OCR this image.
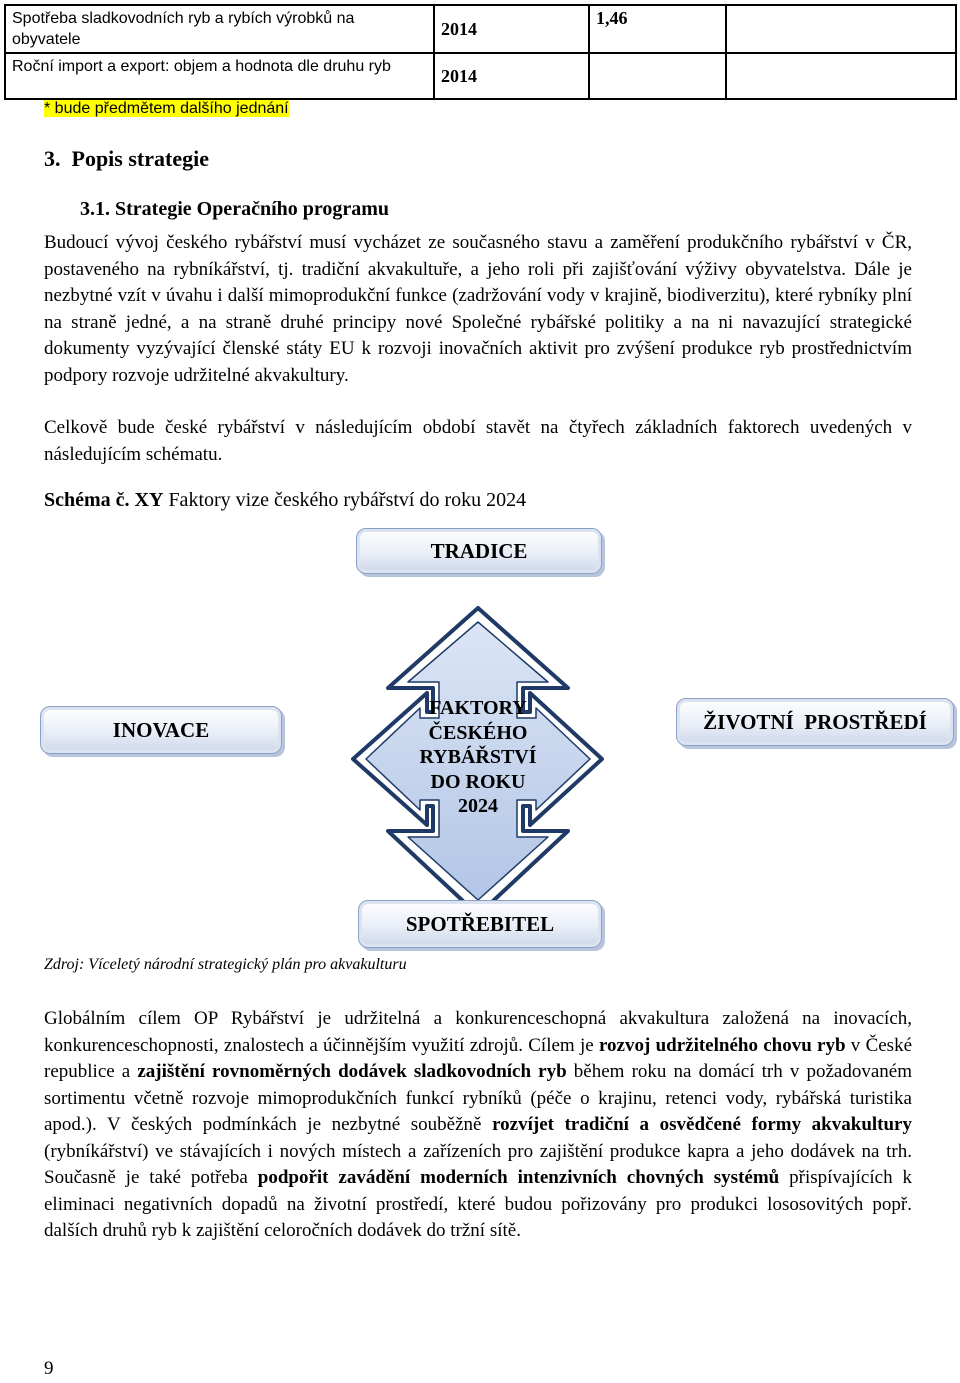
Spotřeba sladkovodních ryb a rybích výrobků na obyvatele	2014	1,46	
Roční import a export: objem a hodnota dle druhu ryb	2014		
* bude předmětem dalšího jednání
3.  Popis strategie
3.1. Strategie Operačního programu
Budoucí vývoj českého rybářství musí vycházet ze současného stavu a zaměření produkčního rybářství v ČR, postaveného na rybníkářství, tj. tradiční akvakultuře, a jeho roli při zajišťování výživy obyvatelstva. Dále je nezbytné vzít v úvahu i další mimoprodukční funkce (zadržování vody v krajině, biodiverzitu), které rybníky plní na straně jedné, a na straně druhé principy nové Společné rybářské politiky a na ni navazující strategické dokumenty vyzývající členské státy EU k rozvoji inovačních aktivit pro zvýšení produkce ryb prostřednictvím podpory rozvoje udržitelné akvakultury.
Celkově bude české rybářství v následujícím období stavět na čtyřech základních faktorech uvedených v následujícím schématu.
Schéma č. XY Faktory vize českého rybářství do roku 2024
TRADICE
INOVACE	ŽIVOTNÍ  PROSTŘEDÍ
SPOTŘEBITEL
FAKTORY
ČESKÉHO
RYBÁŘSTVÍ
DO ROKU
2024
Zdroj: Víceletý národní strategický plán pro akvakulturu
Globálním cílem OP Rybářství je udržitelná a konkurenceschopná akvakultura založená na inovacích, konkurenceschopnosti, znalostech a účinnějším využití zdrojů. Cílem je rozvoj udržitelného chovu ryb v České republice a zajištění rovnoměrných dodávek sladkovodních ryb během roku na domácí trh v požadovaném sortimentu včetně rozvoje mimoprodukčních funkcí rybníků (péče o krajinu, retenci vody, rybářská turistika apod.). V českých podmínkách je nezbytné souběžně rozvíjet tradiční a osvědčené formy akvakultury (rybníkářství) ve stávajících i nových místech a zařízeních pro zajištění produkce kapra a jeho dodávek na trh. Současně je také potřeba podpořit zavádění moderních intenzivních chovných systémů přispívajících k eliminaci negativních dopadů na životní prostředí, které budou pořizovány pro produkci lososovitých popř. dalších druhů ryb k zajištění celoročních dodávek do tržní sítě.
9
